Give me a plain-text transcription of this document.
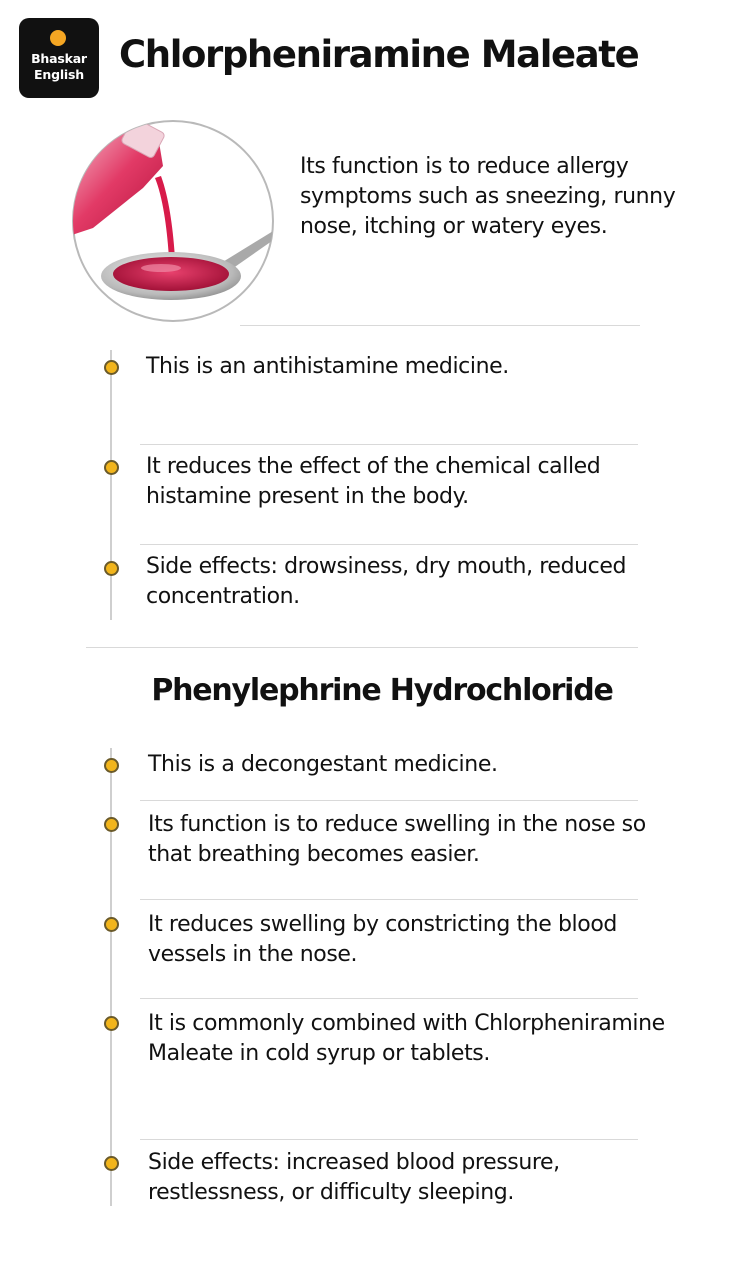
Bhaskar
English Chlorpheniramine Maleate
Its function is to reduce allergy symptoms such as sneezing, runny nose, itching or watery eyes.
This is an antihistamine medicine.
It reduces the effect of the chemical called histamine present in the body.
Side effects: drowsiness, dry mouth, reduced concentration.
Phenylephrine Hydrochloride
This is a decongestant medicine.
Its function is to reduce swelling in the nose so that breathing becomes easier.
It reduces swelling by constricting the blood vessels in the nose.
It is commonly combined with Chlorpheniramine Maleate in cold syrup or tablets.
Side effects: increased blood pressure, restlessness, or difficulty sleeping.
